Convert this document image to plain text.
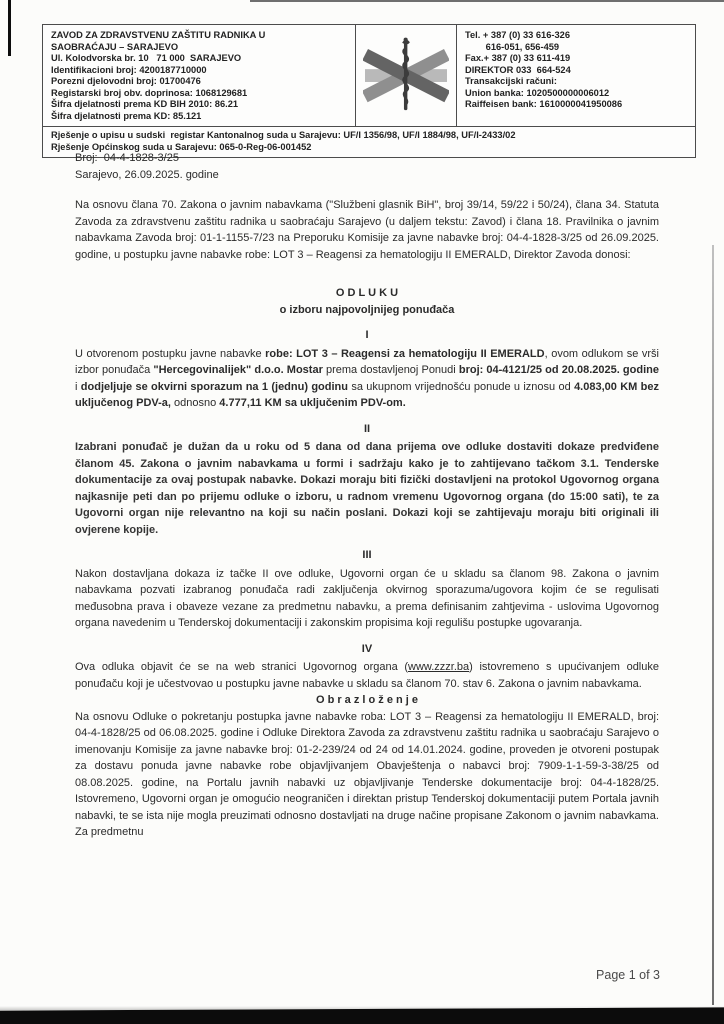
ZAVOD ZA ZDRAVSTVENU ZAŠTITU RADNIKA U
SAOBRAĆAJU – SARAJEVO
Ul. Kolodvorska br. 10   71 000  SARAJEVO
Identifikacioni broj: 4200187710000
Porezni djelovodni broj: 01700476
Registarski broj obv. doprinosa: 1068129681
Šifra djelatnosti prema KD BIH 2010: 86.21
Šifra djelatnosti prema KD: 85.121
Tel. + 387 (0) 33 616-326
616-051, 656-459
Fax.+ 387 (0) 33 611-419
DIREKTOR 033  664-524
Transakcijski računi:
Union banka: 1020500000006012
Raiffeisen bank: 1610000041950086
Rješenje o upisu u sudski  registar Kantonalnog suda u Sarajevu: UF/I 1356/98, UF/I 1884/98, UF/I-2433/02
Rješenje Općinskog suda u Sarajevu: 065-0-Reg-06-001452
Broj:  04-4-1828-3/25
Sarajevo, 26.09.2025. godine

Na osnovu člana 70. Zakona o javnim nabavkama ("Službeni glasnik BiH", broj 39/14, 59/22 i 50/24), člana 34. Statuta Zavoda za zdravstvenu zaštitu radnika u saobraćaju Sarajevo (u daljem tekstu: Zavod) i člana 18. Pravilnika o javnim nabavkama Zavoda broj: 01-1-1155-7/23 na Preporuku Komisije za javne nabavke broj: 04-4-1828-3/25 od 26.09.2025. godine, u postupku javne nabavke robe: LOT 3 – Reagensi za hematologiju II EMERALD, Direktor Zavoda donosi:

O D L U K U

o izboru najpovoljnijeg ponuđača

I

U otvorenom postupku javne nabavke robe: LOT 3 – Reagensi za hematologiju II EMERALD, ovom odlukom se vrši izbor ponuđača "Hercegovinalijek" d.o.o. Mostar prema dostavljenoj Ponudi broj: 04-4121/25 od 20.08.2025. godine i dodjeljuje se okvirni sporazum na 1 (jednu) godinu sa ukupnom vrijednošću ponude u iznosu od 4.083,00 KM bez uključenog PDV-a, odnosno 4.777,11 KM sa uključenim PDV-om.

II

Izabrani ponuđač je dužan da u roku od 5 dana od dana prijema ove odluke dostaviti dokaze predviđene članom 45. Zakona o javnim nabavkama u formi i sadržaju kako je to zahtijevano tačkom 3.1. Tenderske dokumentacije za ovaj postupak nabavke. Dokazi moraju biti fizički dostavljeni na protokol Ugovornog organa najkasnije peti dan po prijemu odluke o izboru, u radnom vremenu Ugovornog organa (do 15:00 sati), te za Ugovorni organ nije relevantno na koji su način poslani. Dokazi koji se zahtijevaju moraju biti originali ili ovjerene kopije.

III

Nakon dostavljana dokaza iz tačke II ove odluke, Ugovorni organ će u skladu sa članom 98. Zakona o javnim nabavkama pozvati izabranog ponuđača radi zaključenja okvirnog sporazuma/ugovora kojim će se regulisati međusobna prava i obaveze vezane za predmetnu nabavku, a prema definisanim zahtjevima - uslovima Ugovornog organa navedenim u Tenderskoj dokumentaciji i zakonskim propisima koji regulišu postupke ugovaranja.

IV

Ova odluka objavit će se na web stranici Ugovornog organa (www.zzzr.ba) istovremeno s upućivanjem odluke ponuđaču koji je učestvovao u postupku javne nabavke u skladu sa članom 70. stav 6. Zakona o javnim nabavkama.

O b r a z l o ž e n j e

Na osnovu Odluke o pokretanju postupka javne nabavke roba: LOT 3 – Reagensi za hematologiju II EMERALD, broj: 04-4-1828/25 od 06.08.2025. godine i Odluke Direktora Zavoda za zdravstvenu zaštitu radnika u saobraćaju Sarajevo o imenovanju Komisije za javne nabavke broj: 01-2-239/24 od 24 od 14.01.2024. godine, proveden je otvoreni postupak za dostavu ponuda javne nabavke robe objavljivanjem Obavještenja o nabavci broj: 7909-1-1-59-3-38/25 od 08.08.2025. godine, na Portalu javnih nabavki uz objavljivanje Tenderske dokumentacije broj: 04-4-1828/25. Istovremeno, Ugovorni organ je omogućio neograničen i direktan pristup Tenderskoj dokumentaciji putem Portala javnih nabavki, te se ista nije mogla preuzimati odnosno dostavljati na druge načine propisane Zakonom o javnim nabavkama. Za predmetnu

Page 1 of 3
